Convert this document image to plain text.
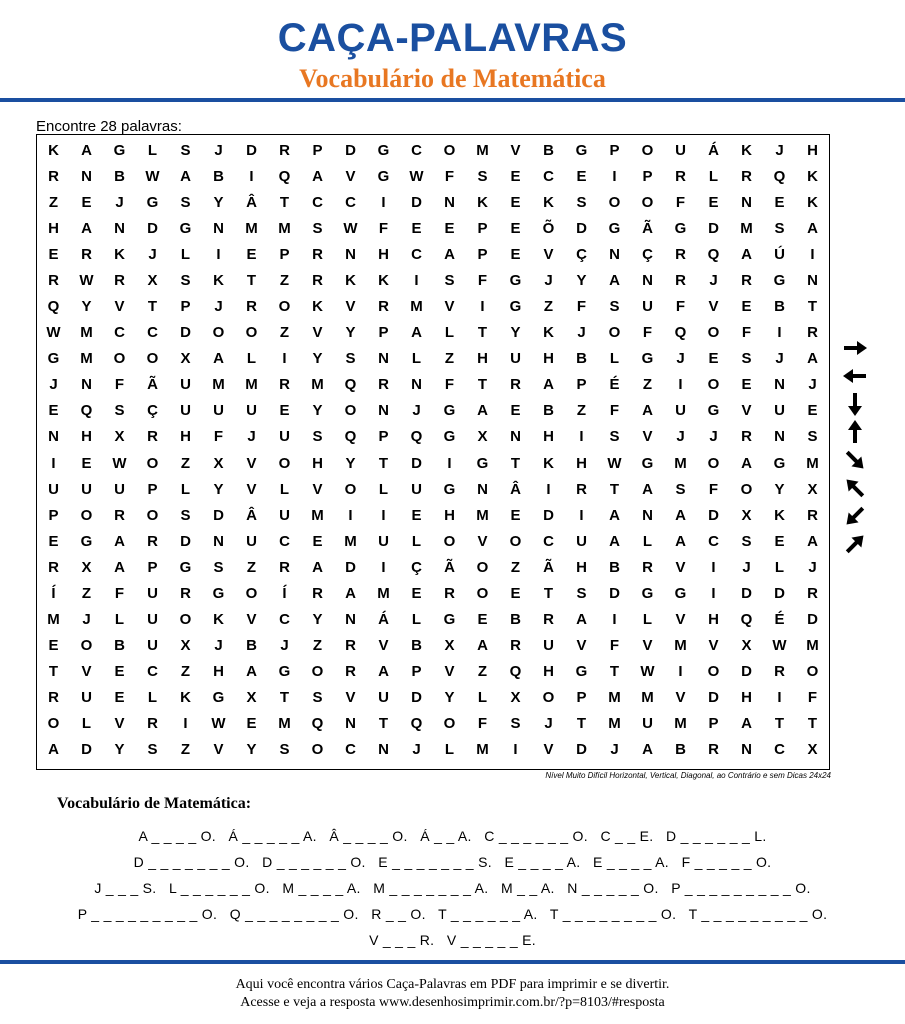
CAÇA-PALAVRAS
Vocabulário de Matemática
Encontre 28 palavras:
K	A	G	L	S	J	D	R	P	D	G	C	O	M	V	B	G	P	O	U	Á	K	J	H
R	N	B	W	A	B	I	Q	A	V	G	W	F	S	E	C	E	I	P	R	L	R	Q	K
Z	E	J	G	S	Y	Â	T	C	C	I	D	N	K	E	K	S	O	O	F	E	N	E	K
H	A	N	D	G	N	M	M	S	W	F	E	E	P	E	Õ	D	G	Ã	G	D	M	S	A
E	R	K	J	L	I	E	P	R	N	H	C	A	P	E	V	Ç	N	Ç	R	Q	A	Ú	I
R	W	R	X	S	K	T	Z	R	K	K	I	S	F	G	J	Y	A	N	R	J	R	G	N
Q	Y	V	T	P	J	R	O	K	V	R	M	V	I	G	Z	F	S	U	F	V	E	B	T
W	M	C	C	D	O	O	Z	V	Y	P	A	L	T	Y	K	J	O	F	Q	O	F	I	R
G	M	O	O	X	A	L	I	Y	S	N	L	Z	H	U	H	B	L	G	J	E	S	J	A
J	N	F	Ã	U	M	M	R	M	Q	R	N	F	T	R	A	P	É	Z	I	O	E	N	J
E	Q	S	Ç	U	U	U	E	Y	O	N	J	G	A	E	B	Z	F	A	U	G	V	U	E
N	H	X	R	H	F	J	U	S	Q	P	Q	G	X	N	H	I	S	V	J	J	R	N	S
I	E	W	O	Z	X	V	O	H	Y	T	D	I	G	T	K	H	W	G	M	O	A	G	M
U	U	U	P	L	Y	V	L	V	O	L	U	G	N	Â	I	R	T	A	S	F	O	Y	X
P	O	R	O	S	D	Â	U	M	I	I	E	H	M	E	D	I	A	N	A	D	X	K	R
E	G	A	R	D	N	U	C	E	M	U	L	O	V	O	C	U	A	L	A	C	S	E	A
R	X	A	P	G	S	Z	R	A	D	I	Ç	Ã	O	Z	Ã	H	B	R	V	I	J	L	J
Í	Z	F	U	R	G	O	Í	R	A	M	E	R	O	E	T	S	D	G	G	I	D	D	R
M	J	L	U	O	K	V	C	Y	N	Á	L	G	E	B	R	A	I	L	V	H	Q	É	D
E	O	B	U	X	J	B	J	Z	R	V	B	X	A	R	U	V	F	V	M	V	X	W	M
T	V	E	C	Z	H	A	G	O	R	A	P	V	Z	Q	H	G	T	W	I	O	D	R	O
R	U	E	L	K	G	X	T	S	V	U	D	Y	L	X	O	P	M	M	V	D	H	I	F
O	L	V	R	I	W	E	M	Q	N	T	Q	O	F	S	J	T	M	U	M	P	A	T	T
A	D	Y	S	Z	V	Y	S	O	C	N	J	L	M	I	V	D	J	A	B	R	N	C	X
Nível Muito Difícil Horizontal, Vertical, Diagonal, ao Contrário e sem Dicas 24x24
Vocabulário de Matemática:
A _ _ _ _ O.   Á _ _ _ _ _ A.   Â _ _ _ _ O.   Á _ _ A.   C _ _ _ _ _ _ O.   C _ _ E.   D _ _ _ _ _ _ L.
D _ _ _ _ _ _ _ O.   D _ _ _ _ _ _ O.   E _ _ _ _ _ _ _ S.   E _ _ _ _ A.   E _ _ _ _ A.   F _ _ _ _ _ O.
J _ _ _ S.   L _ _ _ _ _ _ O.   M _ _ _ _ A.   M _ _ _ _ _ _ _ A.   M _ _ A.   N _ _ _ _ _ O.   P _ _ _ _ _ _ _ _ _ O.
P _ _ _ _ _ _ _ _ _ O.   Q _ _ _ _ _ _ _ _ O.   R _ _ O.   T _ _ _ _ _ _ A.   T _ _ _ _ _ _ _ _ O.   T _ _ _ _ _ _ _ _ _ O.
V _ _ _ R.   V _ _ _ _ _ E.
Aqui você encontra vários Caça-Palavras em PDF para imprimir e se divertir.
Acesse e veja a resposta www.desenhosimprimir.com.br/?p=8103/#resposta
